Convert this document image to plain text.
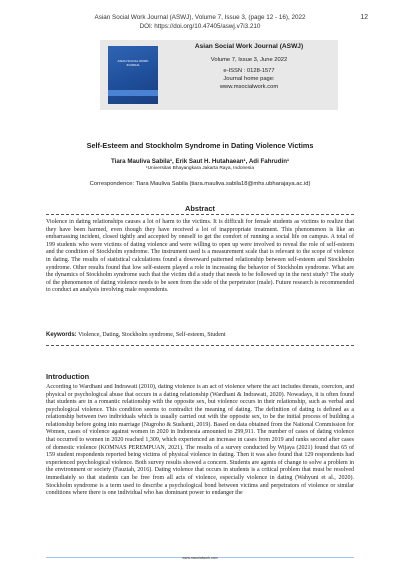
Asian Social Work Journal (ASWJ), Volume 7, Issue 3, (page 12 - 16), 2022
DOI: https://doi.org/10.47405/aswj.v7i3.210
12
ASIAN SOCIAL WORK JOURNAL
Asian Social Work Journal (ASWJ)
Volume 7, Issue 3, June 2022
e-ISSN : 0128-1577
Journal home page:
www.msocialwork.com
Self-Esteem and Stockholm Syndrome in Dating Violence Victims
Tiara Mauliva Sabila¹, Erik Saut H. Hutahaean¹, Adi Fahrudin¹
¹Universitas Bhayangkara Jakarta Raya, Indonesia
Correspondence: Tiara Mauliva Sabila (tiara.mauliva.sabila18@mhs.ubharajaya.ac.id)
Abstract
Violence in dating relationships causes a lot of harm to the victims. It is difficult for female students as victims to realize that they have been harmed, even though they have received a lot of inappropriate treatment. This phenomenon is like an embarrassing incident, closed tightly and accepted by oneself to get the comfort of running a social life on campus. A total of 199 students who were victims of dating violence and were willing to open up were involved to reveal the role of self-esteem and the condition of Stockholm syndrome. The instrument used is a measurement scale that is relevant to the scope of violence in dating. The results of statistical calculations found a downward patterned relationship between self-esteem and Stockholm syndrome. Other results found that low self-esteem played a role in increasing the behavior of Stockholm syndrome. What are the dynamics of Stockholm syndrome such that the victim did a study that needs to be followed up in the next study? The study of the phenomenon of dating violence needs to be seen from the side of the perpetrator (male). Future research is recommended to conduct an analysis involving male respondents.
Keywords: Violence, Dating, Stockholm syndrome, Self-esteem, Student
Introduction
According to Wardhani and Indrawati (2010), dating violence is an act of violence where the act includes threats, coercion, and physical or psychological abuse that occurs in a dating relationship (Wardhani & Indrawati, 2020). Nowadays, it is often found that students are in a romantic relationship with the opposite sex, but violence occurs in their relationship, such as verbal and psychological violence. This condition seems to contradict the meaning of dating. The definition of dating is defined as a relationship between two individuals which is usually carried out with the opposite sex, to be the initial process of building a relationship before going into marriage (Nugroho & Sushanti, 2019). Based on data obtained from the National Commission for Women, cases of violence against women in 2020 in Indonesia amounted to 299,911. The number of cases of dating violence that occurred to women in 2020 reached 1,309, which experienced an increase in cases from 2019 and ranks second after cases of domestic violence (KOMNAS PEREMPUAN, 2021). The results of a survey conducted by Wijaya (2021) found that 65 of 159 student respondents reported being victims of physical violence in dating. Then it was also found that 129 respondents had experienced psychological violence. Both survey results showed a concern. Students are agents of change to solve a problem in the environment or society (Fauziah, 2016). Dating violence that occurs in students is a critical problem that must be resolved immediately so that students can be free from all acts of violence, especially violence in dating (Wahyuni et al., 2020). Stockholm syndrome is a term used to describe a psychological bond between victims and perpetrators of violence or similar conditions where there is one individual who has dominant power to endanger the
www.msocialwork.com
